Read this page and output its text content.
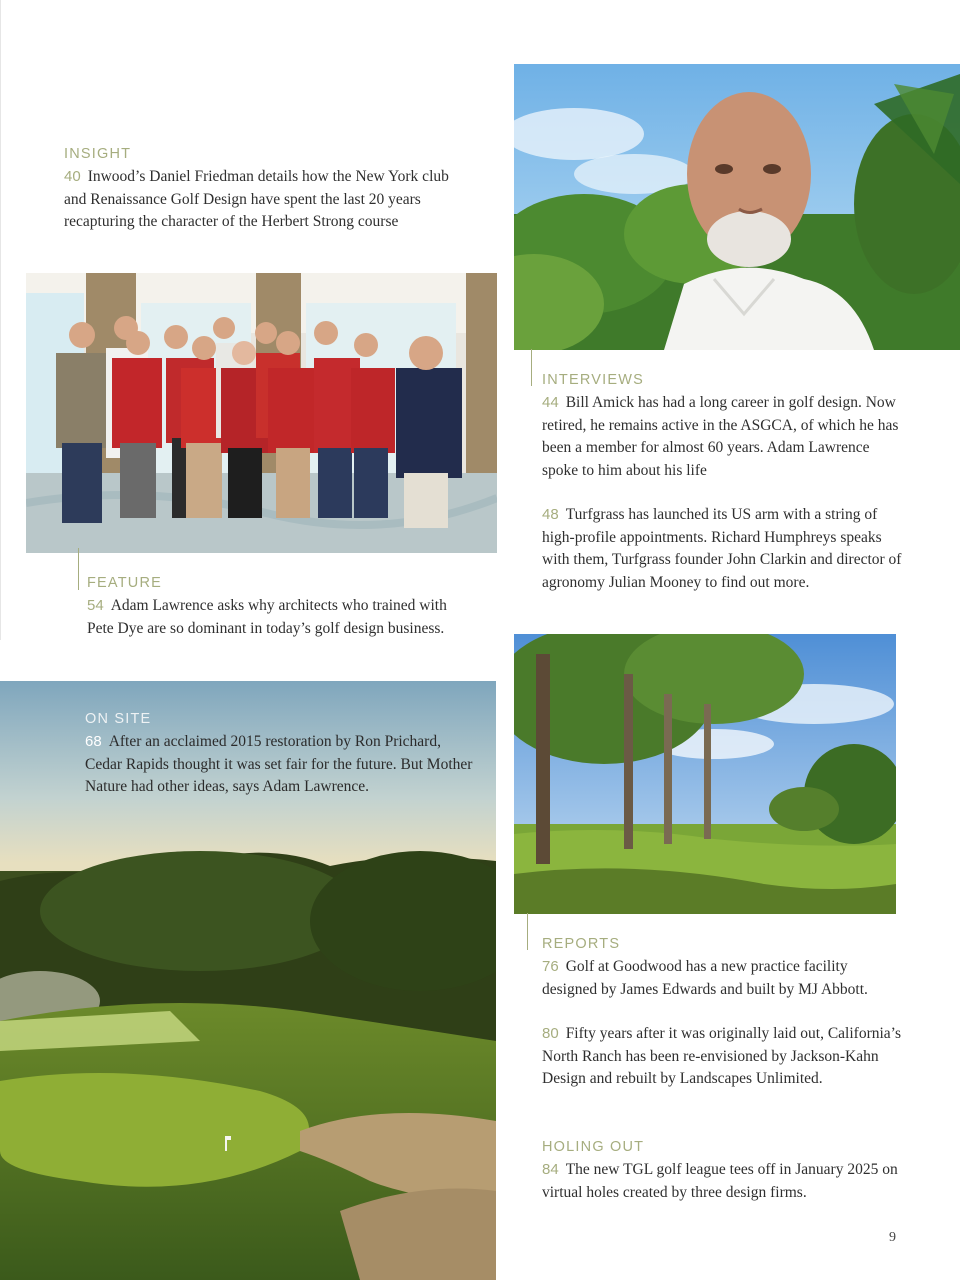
INSIGHT
40 Inwood’s Daniel Friedman details how the New York club and Renaissance Golf Design have spent the last 20 years recapturing the character of the Herbert Strong course
INTERVIEWS
44 Bill Amick has had a long career in golf design. Now retired, he remains active in the ASGCA, of which he has been a member for almost 60 years. Adam Lawrence spoke to him about his life
48 Turfgrass has launched its US arm with a string of high-profile appointments. Richard Humphreys speaks with them, Turfgrass founder John Clarkin and director of agronomy Julian Mooney to find out more.
FEATURE
54 Adam Lawrence asks why architects who trained with Pete Dye are so dominant in today’s golf design business.
ON SITE
68 After an acclaimed 2015 restoration by Ron Prichard, Cedar Rapids thought it was set fair for the future. But Mother Nature had other ideas, says Adam Lawrence.
REPORTS
76 Golf at Goodwood has a new practice facility designed by James Edwards and built by MJ Abbott.
80 Fifty years after it was originally laid out, California’s North Ranch has been re-envisioned by Jackson-Kahn Design and rebuilt by Landscapes Unlimited.
HOLING OUT
84 The new TGL golf league tees off in January 2025 on virtual holes created by three design firms.
9
